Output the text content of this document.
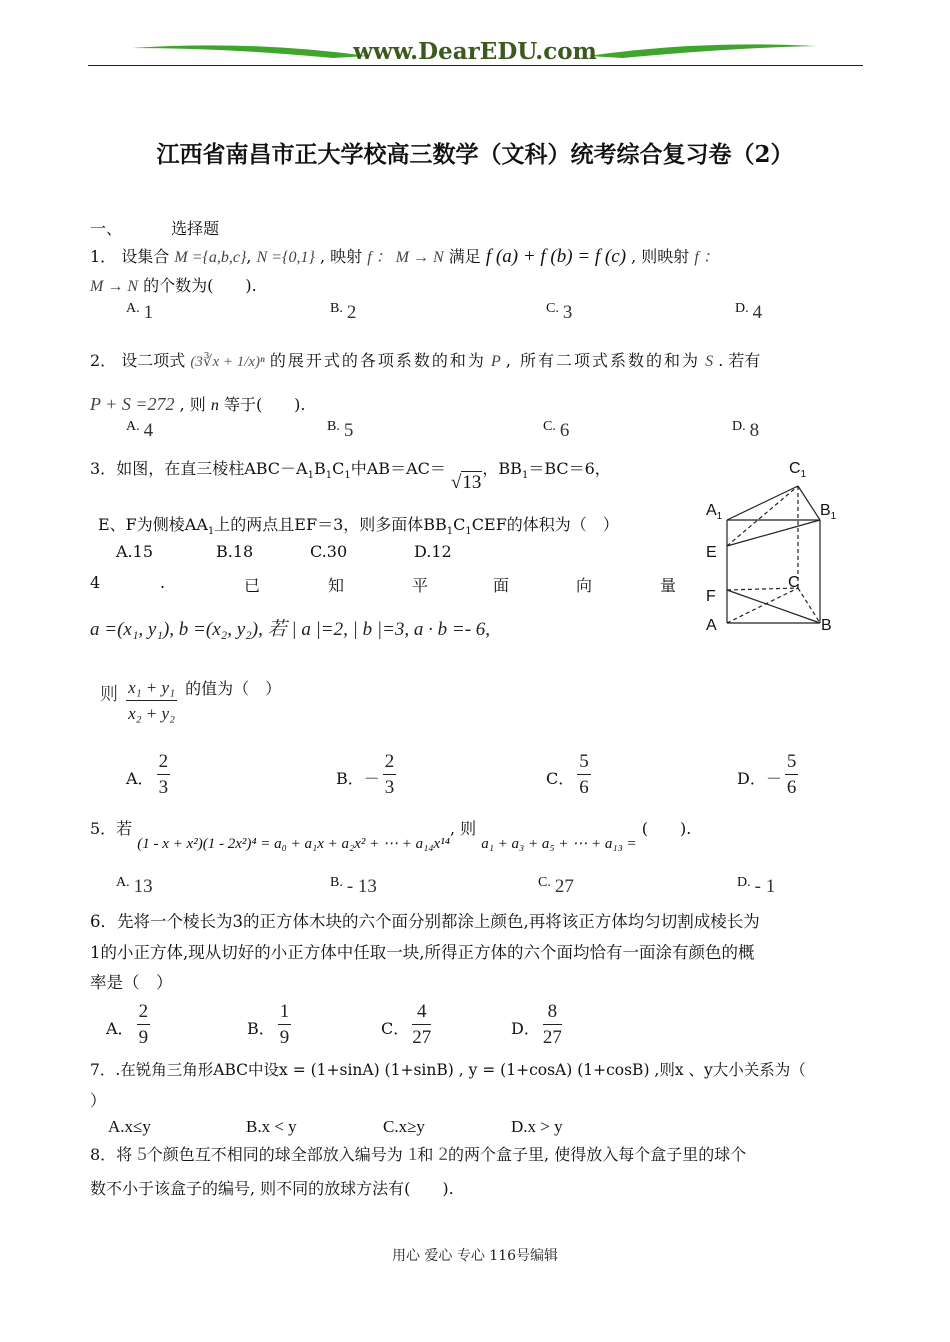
www.DearEDU.com
江西省南昌市正大学校高三数学（文科）统考综合复习卷（2）
一、	选择题
1． 设集合 M ={a,b,c}, N ={0,1} , 映射 f ： M → N 满足 f (a) + f (b) = f (c) , 则映射 f ：
M → N 的个数为(　　).
A. 1	B. 2	C. 3	D. 4
2． 设二项式 (3∛x + 1/x)ⁿ 的展开式的各项系数的和为 P , 所有二项式系数的和为 S . 若有
P + S =272 , 则 n 等于(　　).
A. 4	B. 5	C. 6	D. 8
3．如图，在直三棱柱$ABC-A_1B_1C_1$中AB＝AC＝ √13，$BB_1=BC=6$，
E、F为侧棱$AA_1$上的两点且EF＝3，则多面体$BB_1C_1CEF$的体积为（　）
A.15	B.18	C.30	D.12
$C_1$
$A_1$	$B_1$
E
C
F
A	B
4	.	已	知	平	面	向	量
a =(x₁, y₁), b =(x₂, y₂), 若 | a |=2, | b |=3, a · b =- 6,
则 $\frac{\text{x₁ + y₁}}{\text{x₂ + y₂}}$ 的值为（　）
A． $\frac{2}{3}$	B．－ $\frac{2}{3}$	C． $\frac{5}{6}$	D．－ $\frac{5}{6}$
5．若 (1 - x + x²)(1 - 2x²)⁴ = a₀ + a₁x + a₂x² + ⋯ + a₁₄x¹⁴, 则 a₁ + a₃ + a₅ + ⋯ + a₁₃ = (　　).
A. 13	B. - 13	C. 27	D. - 1
6．先将一个棱长为3的正方体木块的六个面分别都涂上颜色,再将该正方体均匀切割成棱长为
1的小正方体,现从切好的小正方体中任取一块,所得正方体的六个面均恰有一面涂有颜色的概
率是（　）
A． $\frac{2}{9}$	B． $\frac{1}{9}$	C． $\frac{4}{27}$	D． $\frac{8}{27}$
7．.在锐角三角形ABC中设x = (1+sinA) (1+sinB) , y = (1+cosA) (1+cosB) ,则x 、y大小关系为（
）
A.x≤y	B.x < y	C.x≥y	D.x > y
8．将 5个颜色互不相同的球全部放入编号为 1和 2的两个盒子里, 使得放入每个盒子里的球个
数不小于该盒子的编号, 则不同的放球方法有(　　).
用心 爱心 专心 116号编辑
